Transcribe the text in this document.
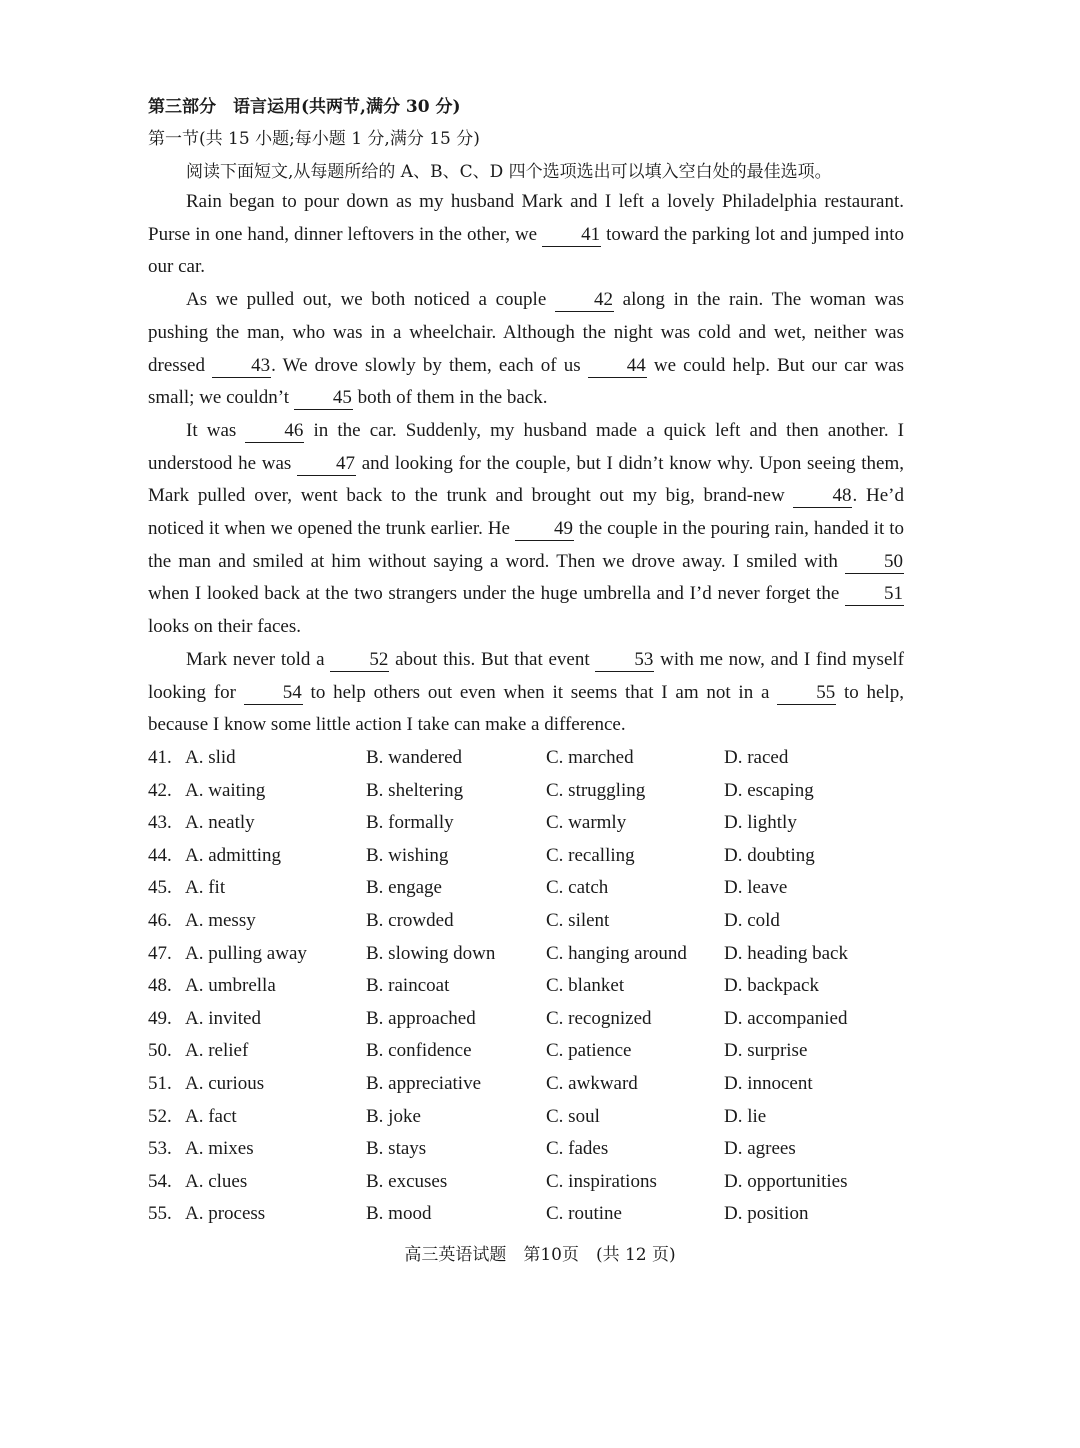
第三部分　语言运用(共两节,满分 30 分)
第一节(共 15 小题;每小题 1 分,满分 15 分)
阅读下面短文,从每题所给的 A、B、C、D 四个选项选出可以填入空白处的最佳选项。

Rain began to pour down as my husband Mark and I left a lovely Philadelphia restaurant. Purse in one hand, dinner leftovers in the other, we 41 toward the parking lot and jumped into our car.

As we pulled out, we both noticed a couple 42 along in the rain. The woman was pushing the man, who was in a wheelchair. Although the night was cold and wet, neither was dressed 43. We drove slowly by them, each of us 44 we could help. But our car was small; we couldn’t 45 both of them in the back.

It was 46 in the car. Suddenly, my husband made a quick left and then another. I understood he was 47 and looking for the couple, but I didn’t know why. Upon seeing them, Mark pulled over, went back to the trunk and brought out my big, brand-new 48. He’d noticed it when we opened the trunk earlier. He 49 the couple in the pouring rain, handed it to the man and smiled at him without saying a word. Then we drove away. I smiled with 50 when I looked back at the two strangers under the huge umbrella and I’d never forget the 51 looks on their faces.

Mark never told a 52 about this. But that event 53 with me now, and I find myself looking for 54 to help others out even when it seems that I am not in a 55 to help, because I know some little action I take can make a difference.

41. A. slid	B. wandered	C. marched	D. raced
42. A. waiting	B. sheltering	C. struggling	D. escaping
43. A. neatly	B. formally	C. warmly	D. lightly
44. A. admitting	B. wishing	C. recalling	D. doubting
45. A. fit	B. engage	C. catch	D. leave
46. A. messy	B. crowded	C. silent	D. cold
47. A. pulling away	B. slowing down	C. hanging around D. heading back
48. A. umbrella	B. raincoat	C. blanket	D. backpack
49. A. invited	B. approached	C. recognized	D. accompanied
50. A. relief	B. confidence	C. patience	D. surprise
51. A. curious	B. appreciative	C. awkward	D. innocent
52. A. fact	B. joke	C. soul	D. lie
53. A. mixes	B. stays	C. fades	D. agrees
54. A. clues	B. excuses	C. inspirations	D. opportunities
55. A. process	B. mood	C. routine	D. position
高三英语试题　第10页　(共 12 页)
